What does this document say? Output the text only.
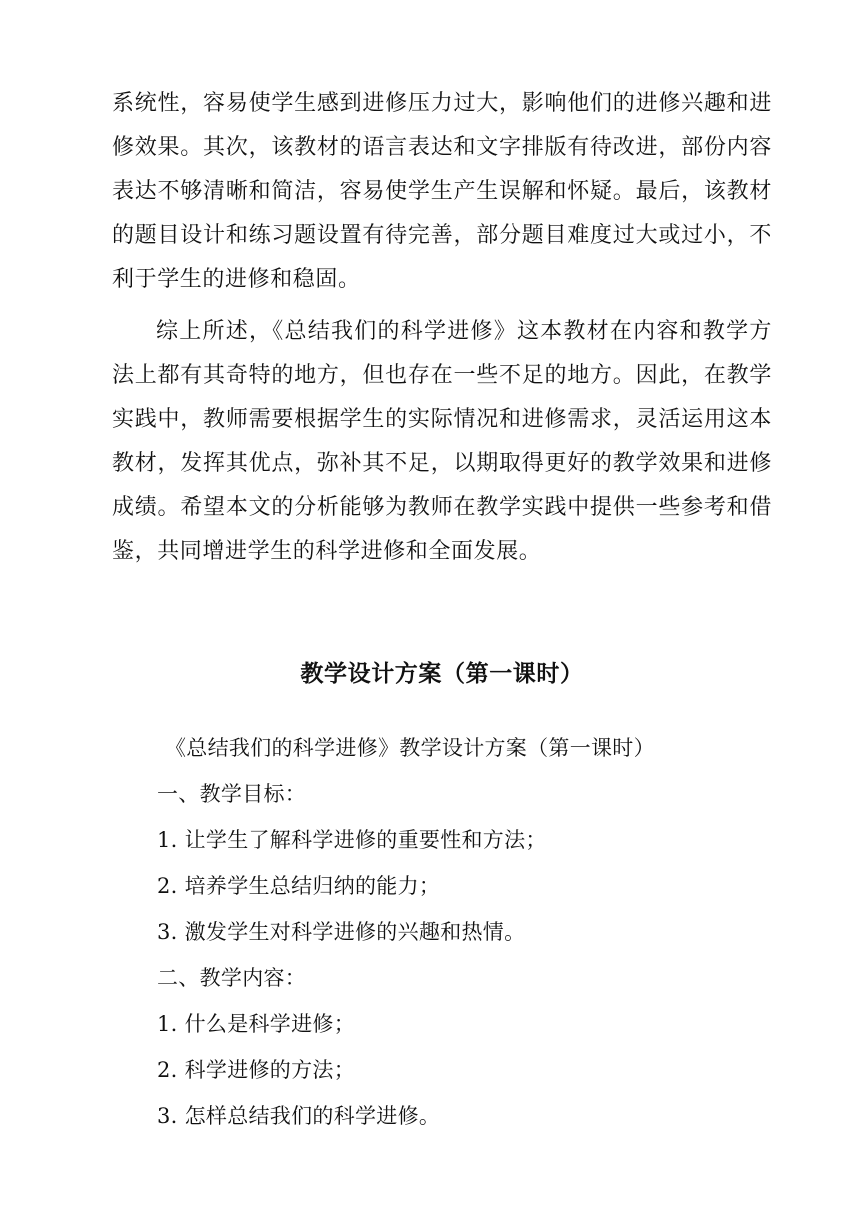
系统性，容易使学生感到进修压力过大，影响他们的进修兴趣和进修效果。其次，该教材的语言表达和文字排版有待改进，部份内容表达不够清晰和简洁，容易使学生产生误解和怀疑。最后，该教材的题目设计和练习题设置有待完善，部分题目难度过大或过小，不利于学生的进修和稳固。

综上所述，《总结我们的科学进修》这本教材在内容和教学方法上都有其奇特的地方，但也存在一些不足的地方。因此，在教学实践中，教师需要根据学生的实际情况和进修需求，灵活运用这本教材，发挥其优点，弥补其不足，以期取得更好的教学效果和进修成绩。希望本文的分析能够为教师在教学实践中提供一些参考和借鉴，共同增进学生的科学进修和全面发展。

教学设计方案（第一课时）

《总结我们的科学进修》教学设计方案（第一课时）

一、教学目标：

1. 让学生了解科学进修的重要性和方法；

2. 培养学生总结归纳的能力；

3. 激发学生对科学进修的兴趣和热情。

二、教学内容：

1. 什么是科学进修；

2. 科学进修的方法；

3. 怎样总结我们的科学进修。
